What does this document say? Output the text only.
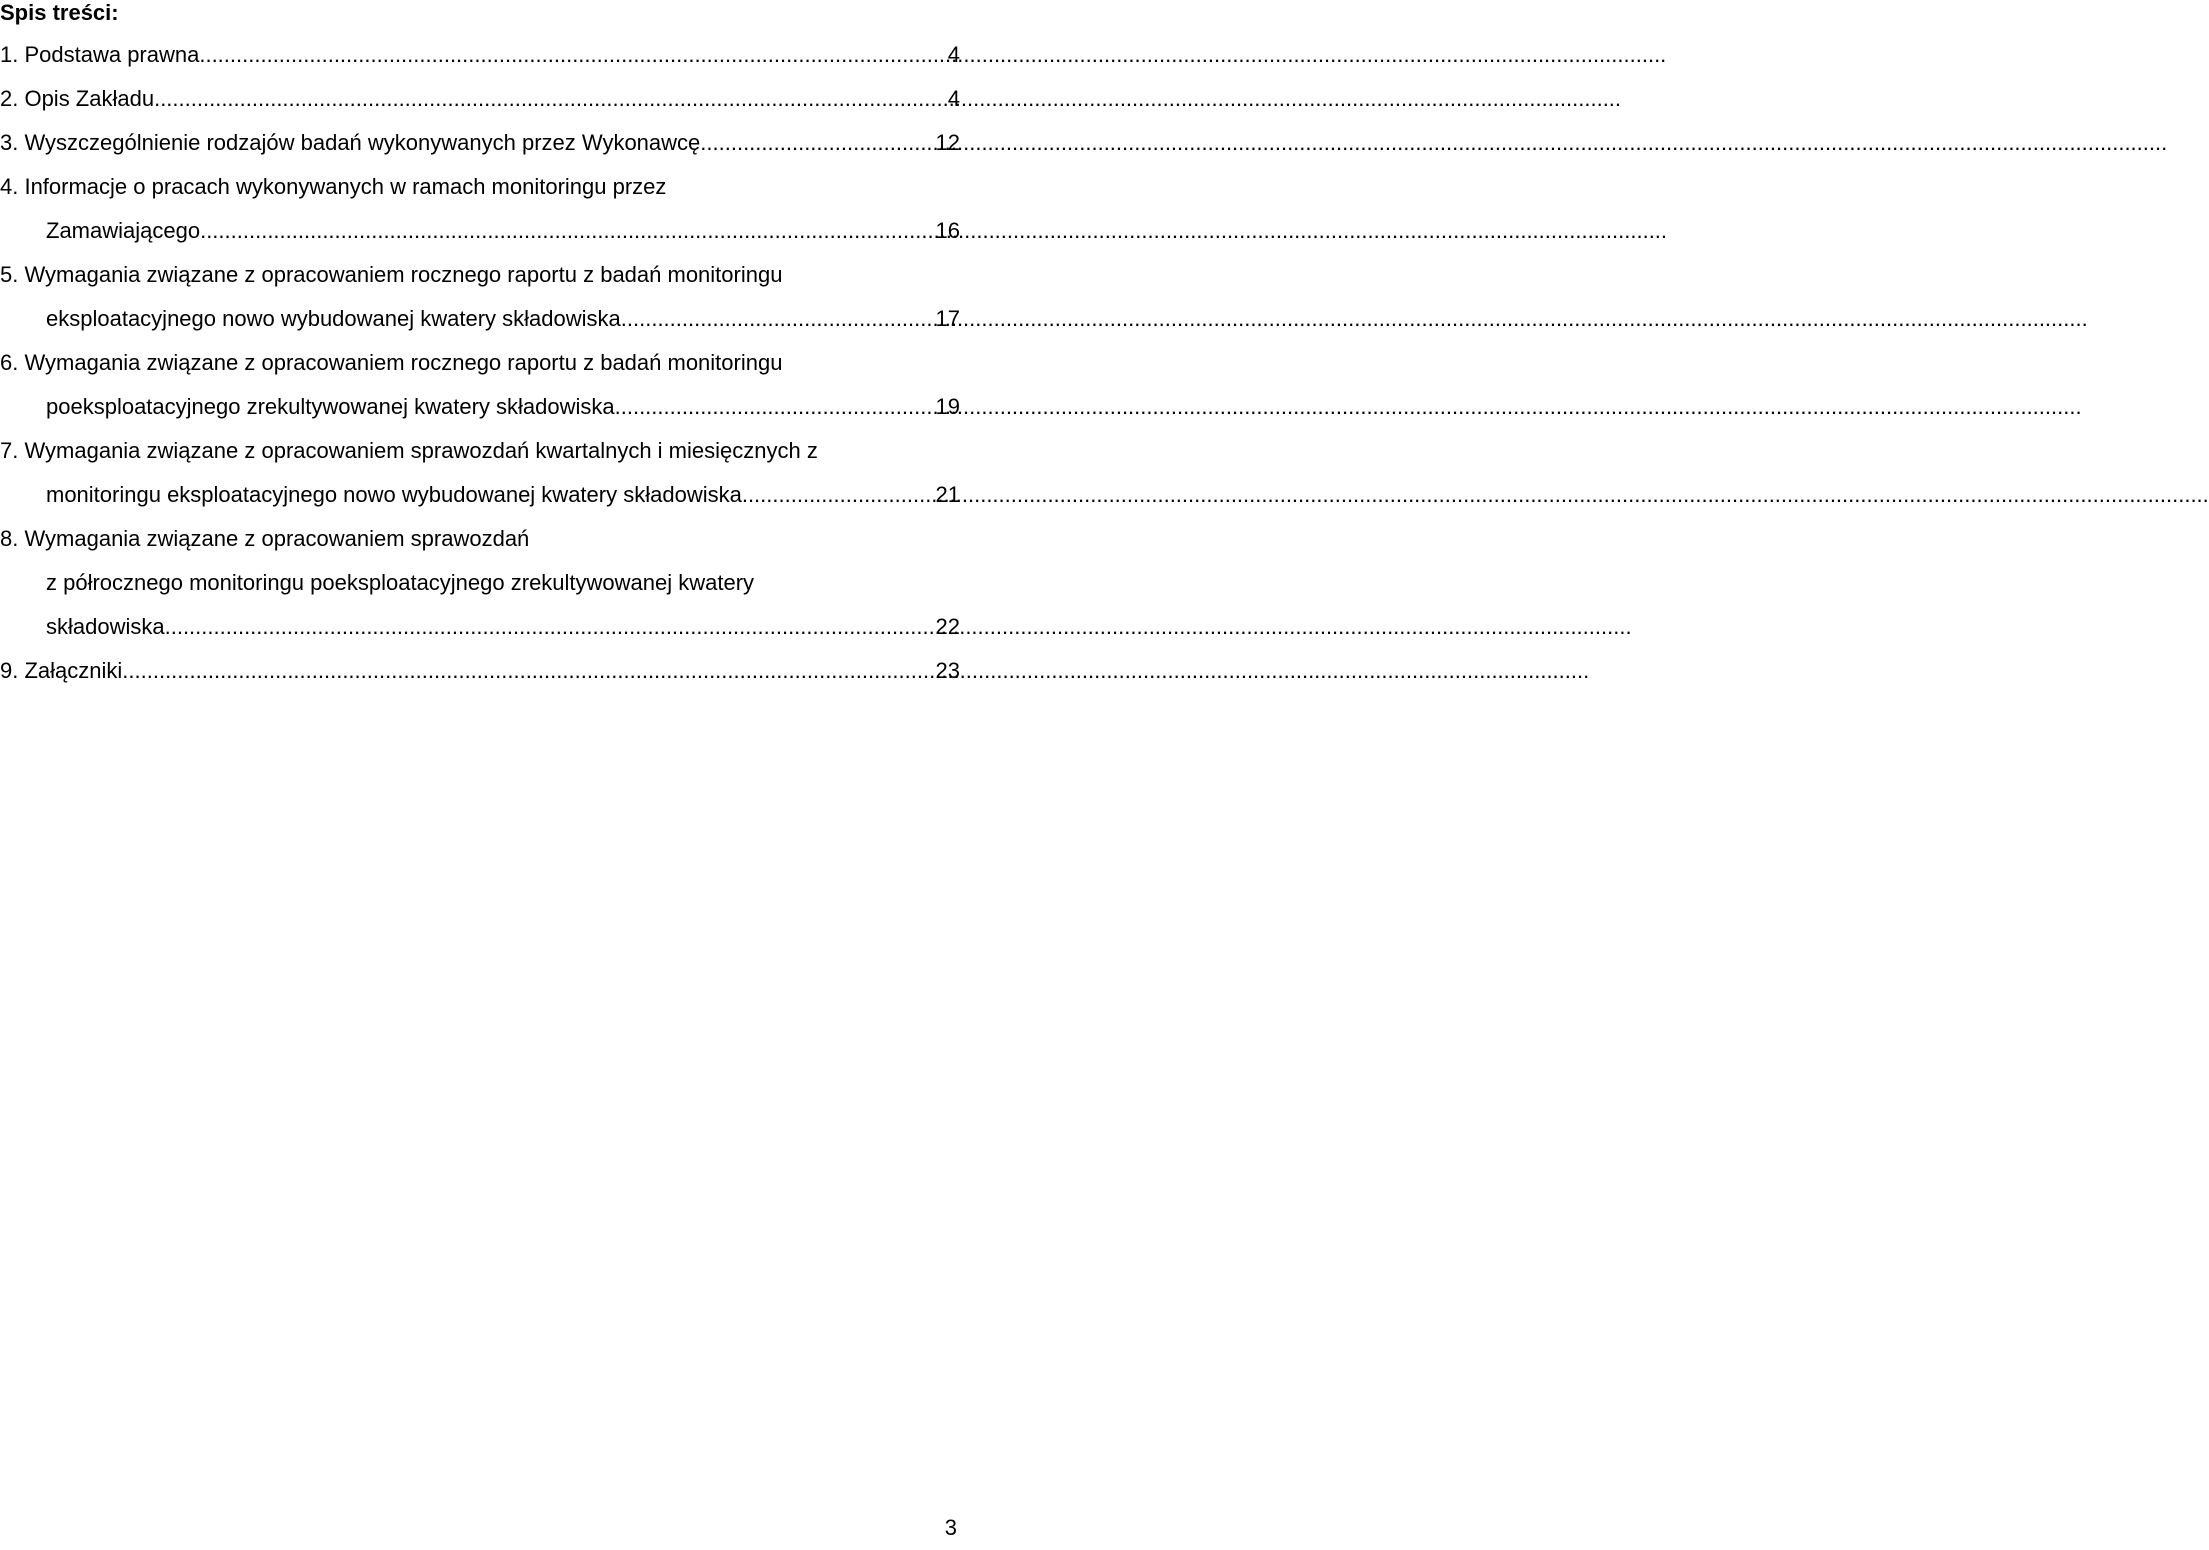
Spis treści:
1. Podstawa prawna .....	4
2. Opis Zakładu .....	4
3. Wyszczególnienie rodzajów badań wykonywanych przez Wykonawcę .....	12
4. Informacje o pracach wykonywanych w ramach monitoringu przez
Zamawiającego .....	16
5. Wymagania związane z opracowaniem rocznego raportu z badań monitoringu
eksploatacyjnego nowo wybudowanej kwatery składowiska .....	17
6. Wymagania związane z opracowaniem rocznego raportu z badań monitoringu
poeksploatacyjnego zrekultywowanej kwatery składowiska .....	19
7. Wymagania związane z opracowaniem sprawozdań kwartalnych i miesięcznych z
monitoringu eksploatacyjnego nowo wybudowanej kwatery składowiska .....	21
8. Wymagania związane z opracowaniem sprawozdań
z półrocznego monitoringu poeksploatacyjnego zrekultywowanej kwatery
składowiska .....	22
9. Załączniki .....	23
3
